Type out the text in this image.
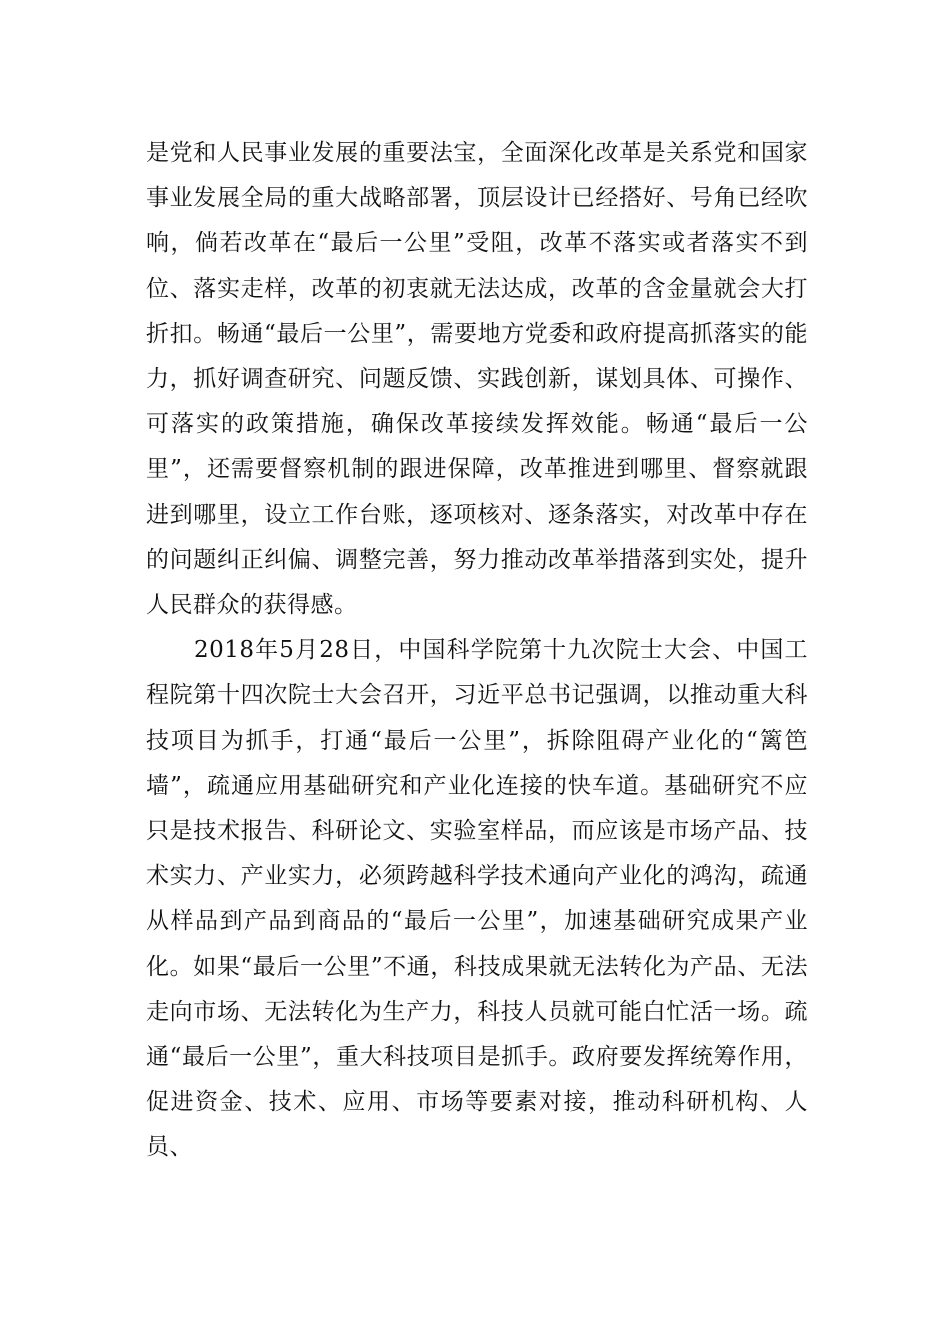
是党和人民事业发展的重要法宝，全面深化改革是关系党和国家事业发展全局的重大战略部署，顶层设计已经搭好、号角已经吹响，倘若改革在“最后一公里”受阻，改革不落实或者落实不到位、落实走样，改革的初衷就无法达成，改革的含金量就会大打折扣。畅通“最后一公里”，需要地方党委和政府提高抓落实的能力，抓好调查研究、问题反馈、实践创新，谋划具体、可操作、可落实的政策措施，确保改革接续发挥效能。畅通“最后一公里”，还需要督察机制的跟进保障，改革推进到哪里、督察就跟进到哪里，设立工作台账，逐项核对、逐条落实，对改革中存在的问题纠正纠偏、调整完善，努力推动改革举措落到实处，提升人民群众的获得感。

2018年5月28日，中国科学院第十九次院士大会、中国工程院第十四次院士大会召开，习近平总书记强调，以推动重大科技项目为抓手，打通“最后一公里”，拆除阻碍产业化的“篱笆墙”，疏通应用基础研究和产业化连接的快车道。基础研究不应只是技术报告、科研论文、实验室样品，而应该是市场产品、技术实力、产业实力，必须跨越科学技术通向产业化的鸿沟，疏通从样品到产品到商品的“最后一公里”，加速基础研究成果产业化。如果“最后一公里”不通，科技成果就无法转化为产品、无法走向市场、无法转化为生产力，科技人员就可能白忙活一场。疏通“最后一公里”，重大科技项目是抓手。政府要发挥统筹作用，促进资金、技术、应用、市场等要素对接，推动科研机构、人员、
